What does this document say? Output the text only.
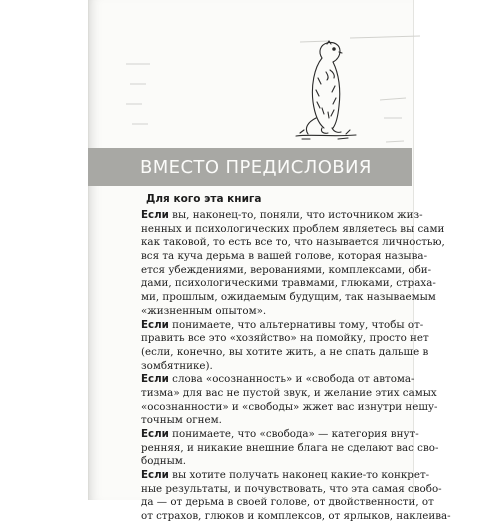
ВМЕСТО ПРЕДИСЛОВИЯ
Для кого эта книга
Если вы, наконец-то, поняли, что источником жиз-
ненных и психологических проблем являетесь вы сами
как таковой, то есть все то, что называется личностью,
вся та куча дерьма в вашей голове, которая называ-
ется убеждениями, верованиями, комплексами, оби-
дами, психологическими травмами, глюками, страха-
ми, прошлым, ожидаемым будущим, так называемым
«жизненным опытом».
Если понимаете, что альтернативы тому, чтобы от-
править все это «хозяйство» на помойку, просто нет
(если, конечно, вы хотите жить, а не спать дальше в
зомбятнике).
Если слова «осознанность» и «свобода от автома-
тизма» для вас не пустой звук, и желание этих самых
«осознанности» и «свободы» жжет вас изнутри нешу-
точным огнем.
Если понимаете, что «свобода» — категория внут-
ренняя, и никакие внешние блага не сделают вас сво-
бодным.
Если вы хотите получать наконец какие-то конкрет-
ные результаты, и почувствовать, что эта самая свобо-
да — от дерьма в своей голове, от двойственности, от
от страхов, глюков и комплексов, от ярлыков, наклеива-
